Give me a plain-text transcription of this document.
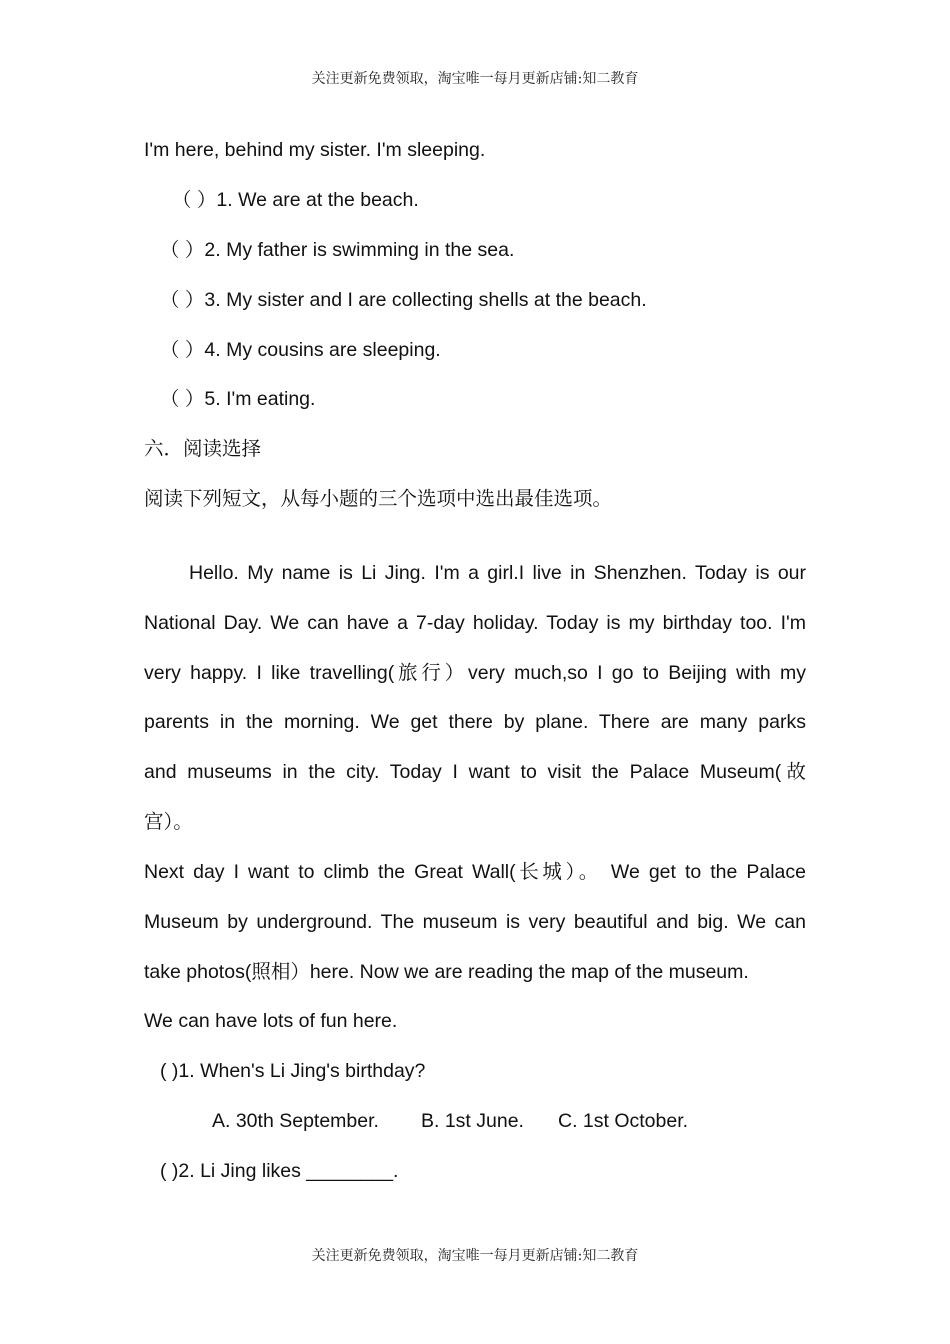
关注更新免费领取，淘宝唯一每月更新店铺:知二教育
I'm here, behind my sister. I'm sleeping.
（ ）1. We are at the beach.
（ ）2. My father is swimming in the sea.
（ ）3. My sister and I are collecting shells at the beach.
（ ）4. My cousins are sleeping.
（ ）5. I'm eating.
六．阅读选择
阅读下列短文，从每小题的三个选项中选出最佳选项。
Hello. My name is Li Jing. I'm a girl.I live in Shenzhen. Today is our
National Day. We can have a 7-day holiday. Today is my birthday too. I'm
very happy. I like travelling(旅行）very much,so I go to Beijing with my
parents in the morning. We get there by plane. There are many parks
and museums in the city. Today I want to visit the Palace Museum(故
宫）。
Next day I want to climb the Great Wall(长城）。 We get to the Palace
Museum by underground. The museum is very beautiful and big. We can
take photos(照相）here. Now we are reading the map of the museum.
We can have lots of fun here.
( )1. When's Li Jing's birthday?
A. 30th September. B. 1st June. C. 1st October.
( )2. Li Jing likes ________.
关注更新免费领取，淘宝唯一每月更新店铺:知二教育
